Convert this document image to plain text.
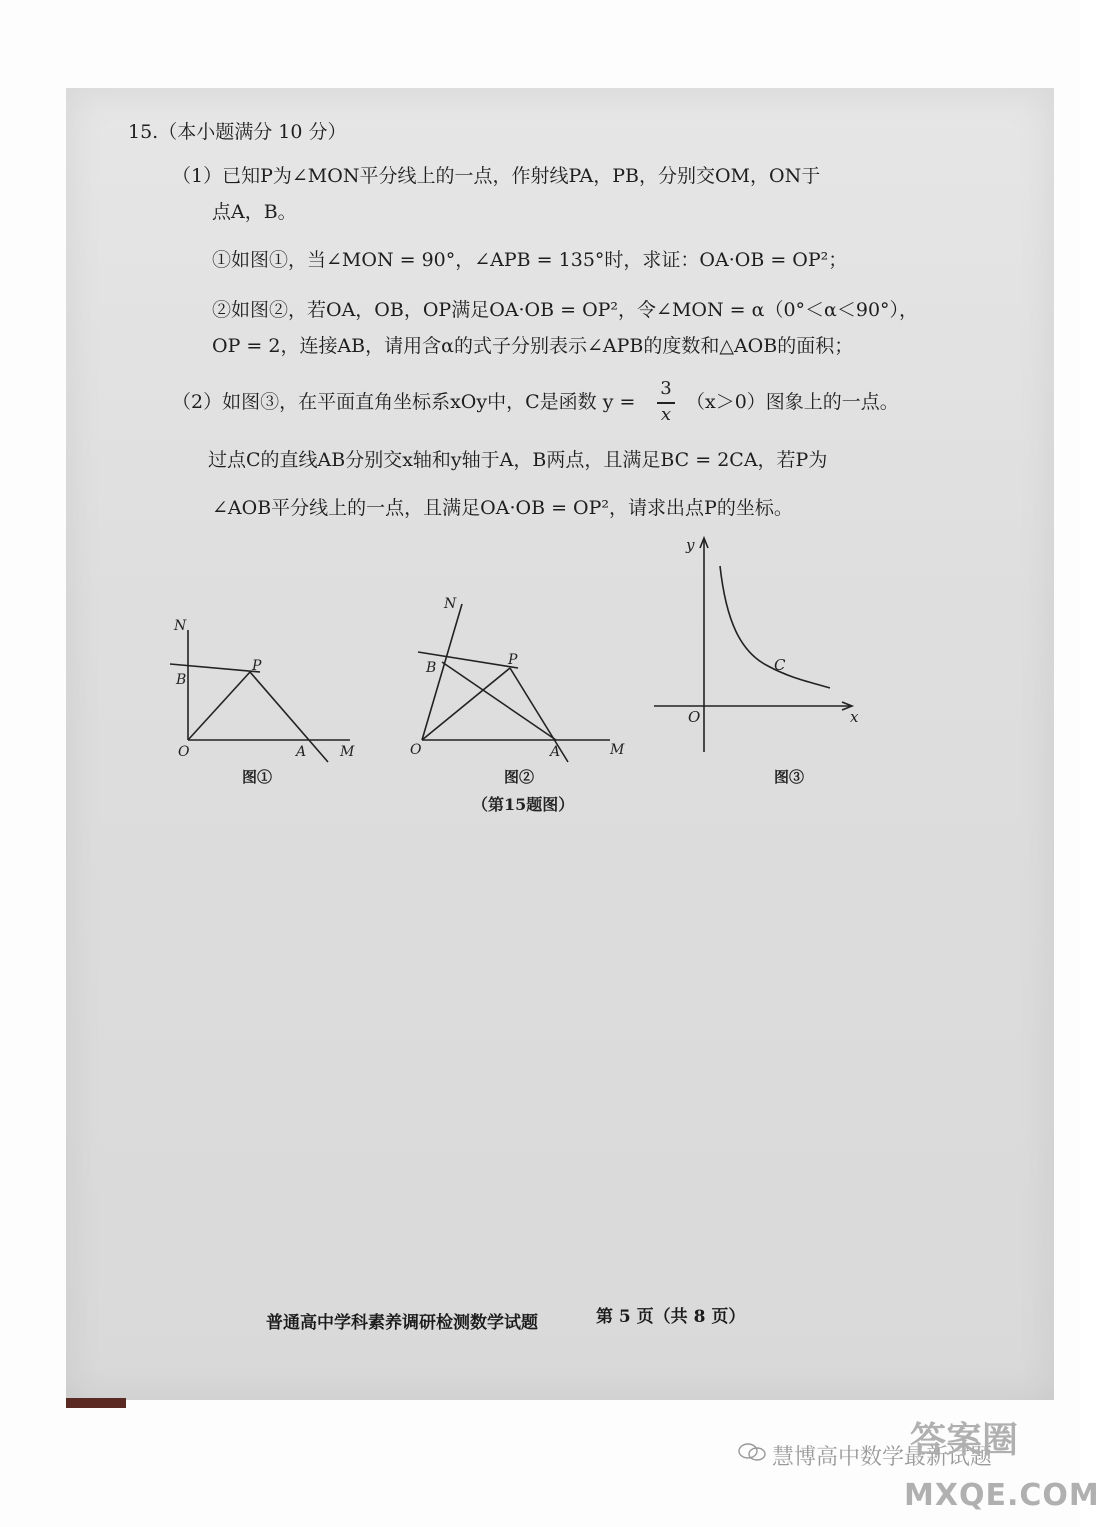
15.（本小题满分 10 分）
（1）已知P为∠MON平分线上的一点，作射线PA，PB，分别交OM，ON于
点A，B。
①如图①，当∠MON = 90°，∠APB = 135°时，求证：OA·OB = OP²；
②如图②，若OA，OB，OP满足OA·OB = OP²，令∠MON = α（0°＜α＜90°），
OP = 2，连接AB，请用含α的式子分别表示∠APB的度数和△AOB的面积；
（2）如图③，在平面直角坐标系xOy中，C是函数 y =
3
x
（x＞0）图象上的一点。
过点C的直线AB分别交x轴和y轴于A，B两点，且满足BC = 2CA，若P为
∠AOB平分线上的一点，且满足OA·OB = OP²，请求出点P的坐标。
N
B
P
O	A M
图①
N
B	P
O	A	M
图②
y
x
O
C
图③
（第15题图）
普通高中学科素养调研检测数学试题	第 5 页（共 8 页）
慧博高中数学最新试题
答案圈
MXQE.COM
